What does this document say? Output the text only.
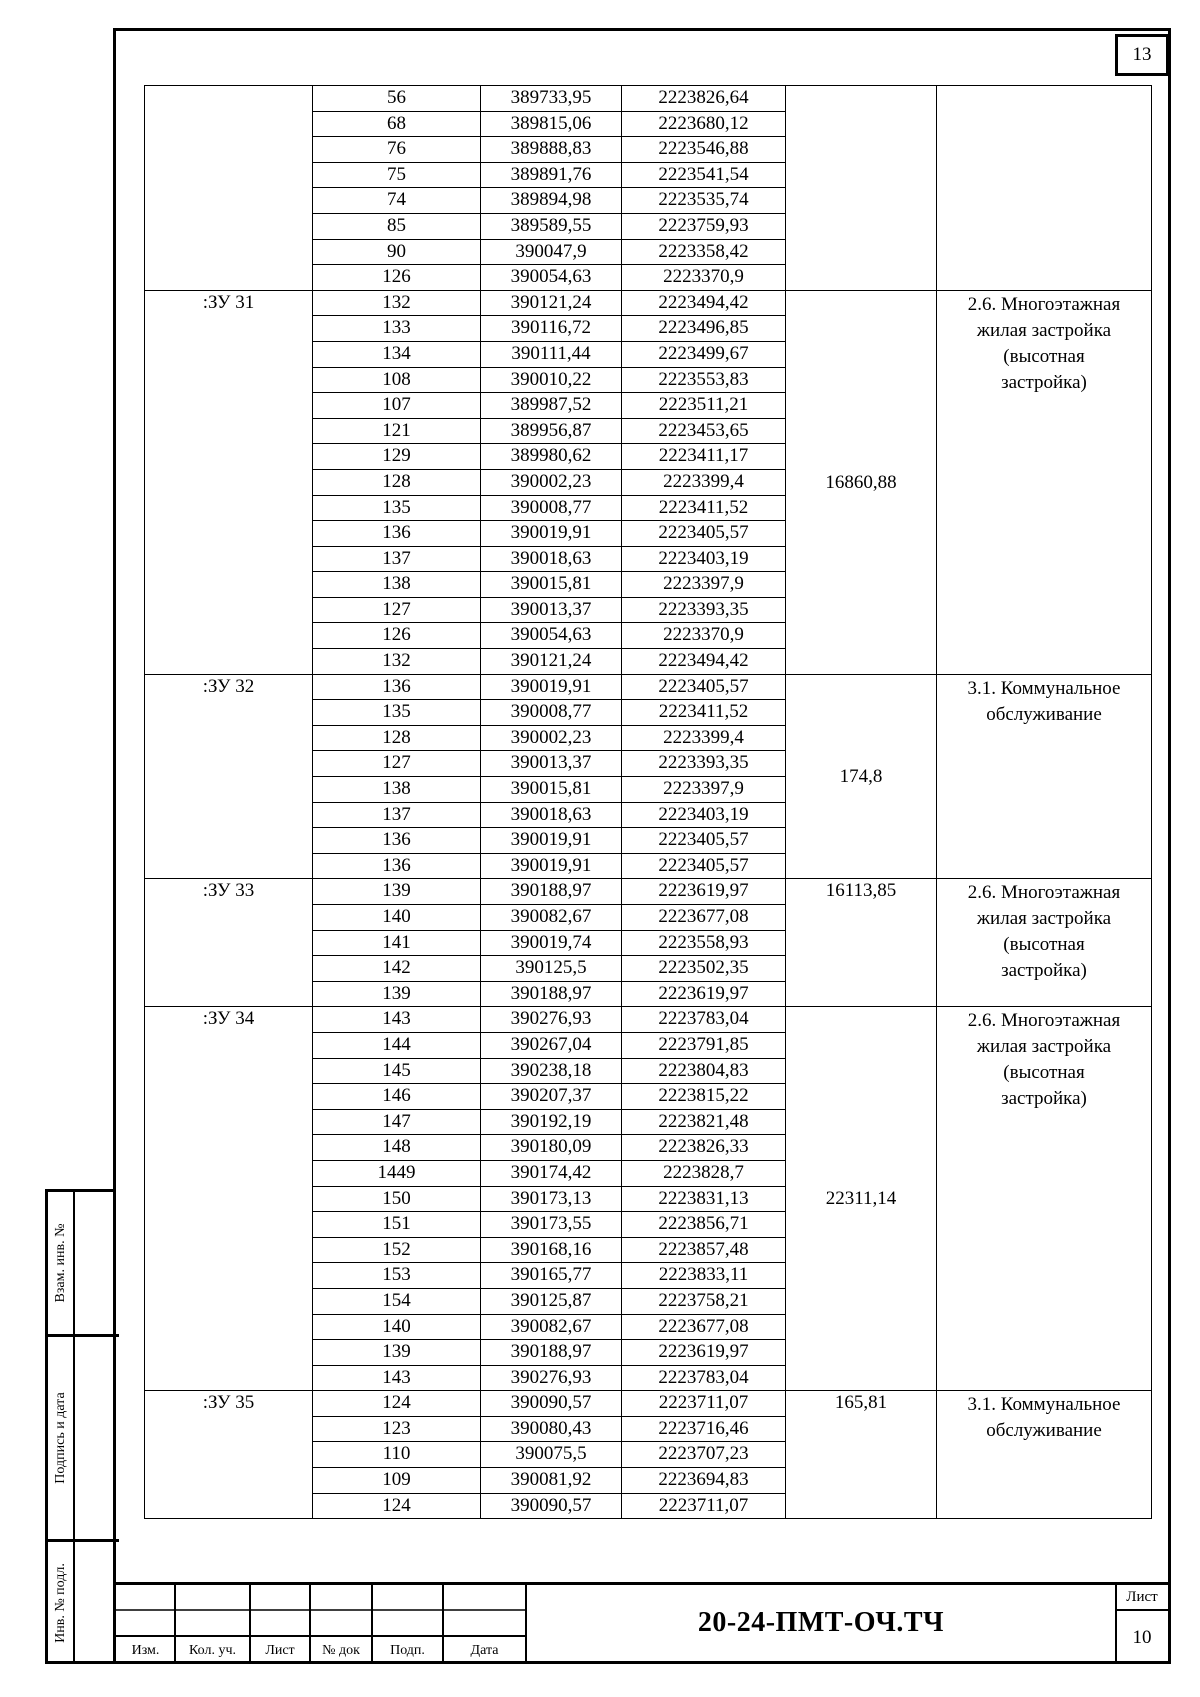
13
Взам. инв. №
Подпись и дата
Инв. № подл.
	56	389733,95	2223826,64		
	68	389815,06	2223680,12		
	76	389888,83	2223546,88		
	75	389891,76	2223541,54		
	74	389894,98	2223535,74		
	85	389589,55	2223759,93		
	90	390047,9	2223358,42		
	126	390054,63	2223370,9		
:ЗУ 31	132	390121,24	2223494,42	16860,88	2.6. Многоэтажная
жилая застройка
(высотная
застройка)

	133	390116,72	2223496,85		
	134	390111,44	2223499,67		
	108	390010,22	2223553,83		
	107	389987,52	2223511,21		
	121	389956,87	2223453,65		
	129	389980,62	2223411,17		
	128	390002,23	2223399,4		
	135	390008,77	2223411,52		
	136	390019,91	2223405,57		
	137	390018,63	2223403,19		
	138	390015,81	2223397,9		
	127	390013,37	2223393,35		
	126	390054,63	2223370,9		
	132	390121,24	2223494,42		
:ЗУ 32	136	390019,91	2223405,57	174,8	3.1. Коммунальное
обслуживание

	135	390008,77	2223411,52		
	128	390002,23	2223399,4		
	127	390013,37	2223393,35		
	138	390015,81	2223397,9		
	137	390018,63	2223403,19		
	136	390019,91	2223405,57		
	136	390019,91	2223405,57		
:ЗУ 33	139	390188,97	2223619,97	16113,85	2.6. Многоэтажная
жилая застройка
(высотная
застройка)

	140	390082,67	2223677,08		
	141	390019,74	2223558,93		
	142	390125,5	2223502,35		
	139	390188,97	2223619,97		
:ЗУ 34	143	390276,93	2223783,04	22311,14	2.6. Многоэтажная
жилая застройка
(высотная
застройка)

	144	390267,04	2223791,85		
	145	390238,18	2223804,83		
	146	390207,37	2223815,22		
	147	390192,19	2223821,48		
	148	390180,09	2223826,33		
	1449	390174,42	2223828,7		
	150	390173,13	2223831,13		
	151	390173,55	2223856,71		
	152	390168,16	2223857,48		
	153	390165,77	2223833,11		
	154	390125,87	2223758,21		
	140	390082,67	2223677,08		
	139	390188,97	2223619,97		
	143	390276,93	2223783,04		
:ЗУ 35	124	390090,57	2223711,07	165,81	3.1. Коммунальное
обслуживание

	123	390080,43	2223716,46		
	110	390075,5	2223707,23		
	109	390081,92	2223694,83		
	124	390090,57	2223711,07		
Изм.	Кол. уч.	Лист	№ док	Подп.	Дата
20-24-ПМТ-ОЧ.ТЧ
Лист
10
